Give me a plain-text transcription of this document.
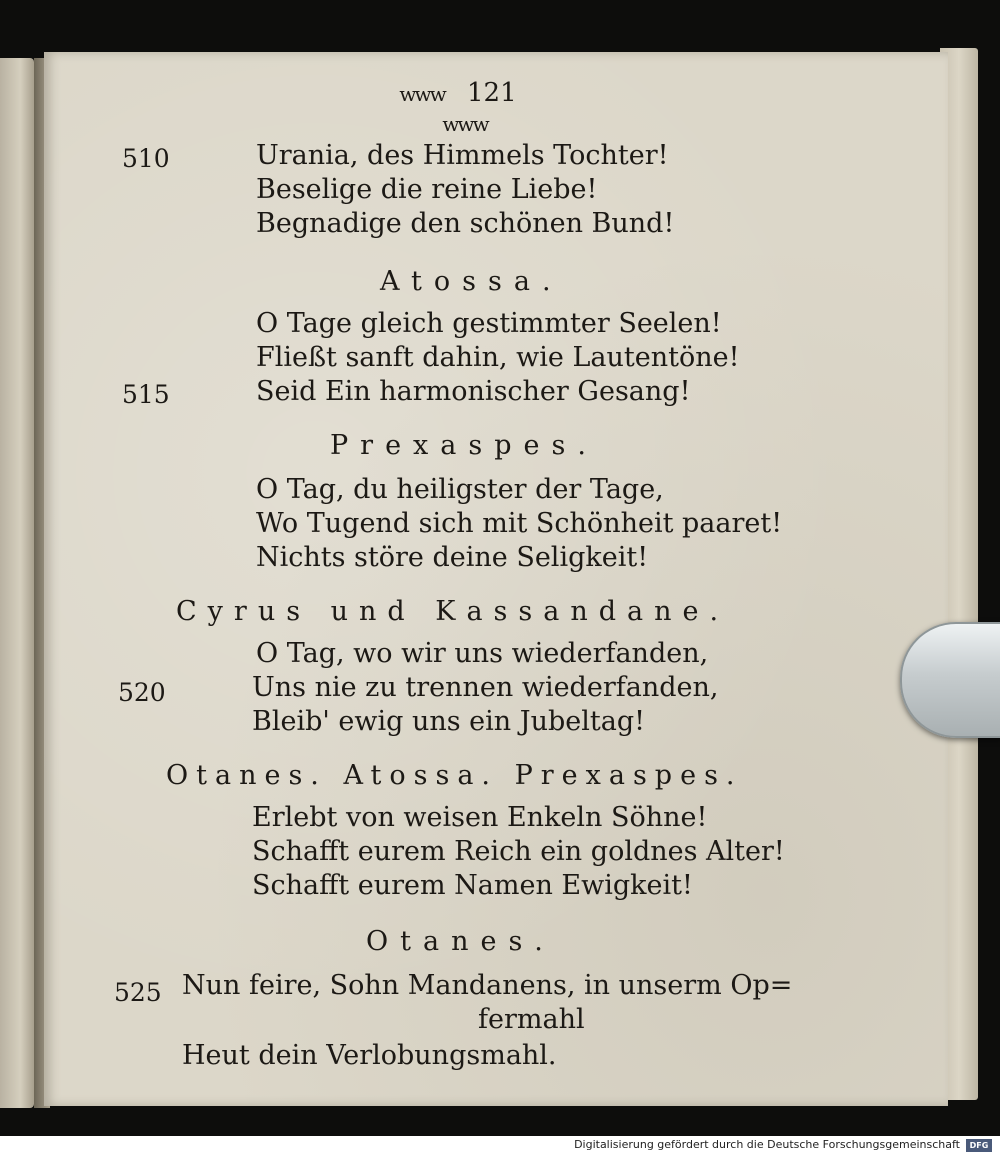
www 121 www
510	Urania, des Himmels Tochter!
Beselige die reine Liebe!
Begnadige den schönen Bund!
Atossa.
O Tage gleich gestimmter Seelen!
Fließt sanft dahin, wie Lautentöne!
515	Seid Ein harmonischer Gesang!
Prexaspes.
O Tag, du heiligster der Tage,
Wo Tugend sich mit Schönheit paaret!
Nichts störe deine Seligkeit!
Cyrus und Kassandane.
O Tag, wo wir uns wiederfanden,
520	Uns nie zu trennen wiederfanden,
Bleib' ewig uns ein Jubeltag!
Otanes. Atossa. Prexaspes.
Erlebt von weisen Enkeln Söhne!
Schafft eurem Reich ein goldnes Alter!
Schafft eurem Namen Ewigkeit!
Otanes.
525 Nun feire, Sohn Mandanens, in unserm Op=
fermahl
Heut dein Verlobungsmahl.
Digitalisierung gefördert durch die Deutsche Forschungsgemeinschaft	DFG
